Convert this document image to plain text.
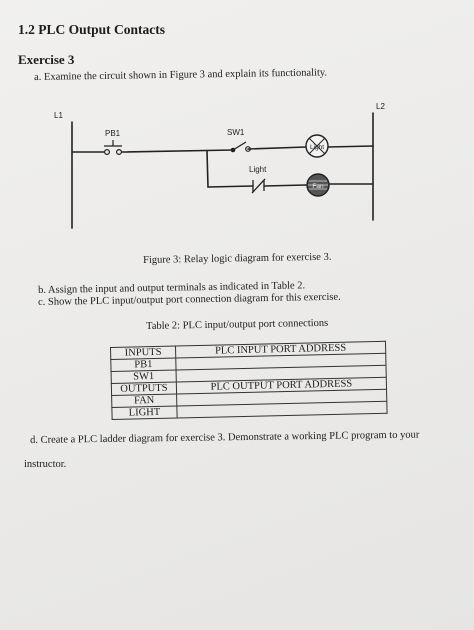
1.2 PLC Output Contacts
Exercise 3
a. Examine the circuit shown in Figure 3 and explain its functionality.
L1
L2
PB1	SW1
Light
Light
Fan
Figure 3: Relay logic diagram for exercise 3.
b. Assign the input and output terminals as indicated in Table 2.
c. Show the PLC input/output port connection diagram for this exercise.
Table 2: PLC input/output port connections
INPUTS	PLC INPUT PORT ADDRESS
PB1	
SW1	
OUTPUTS	PLC OUTPUT PORT ADDRESS
FAN	
LIGHT	
d. Create a PLC ladder diagram for exercise 3. Demonstrate a working PLC program to your
instructor.
